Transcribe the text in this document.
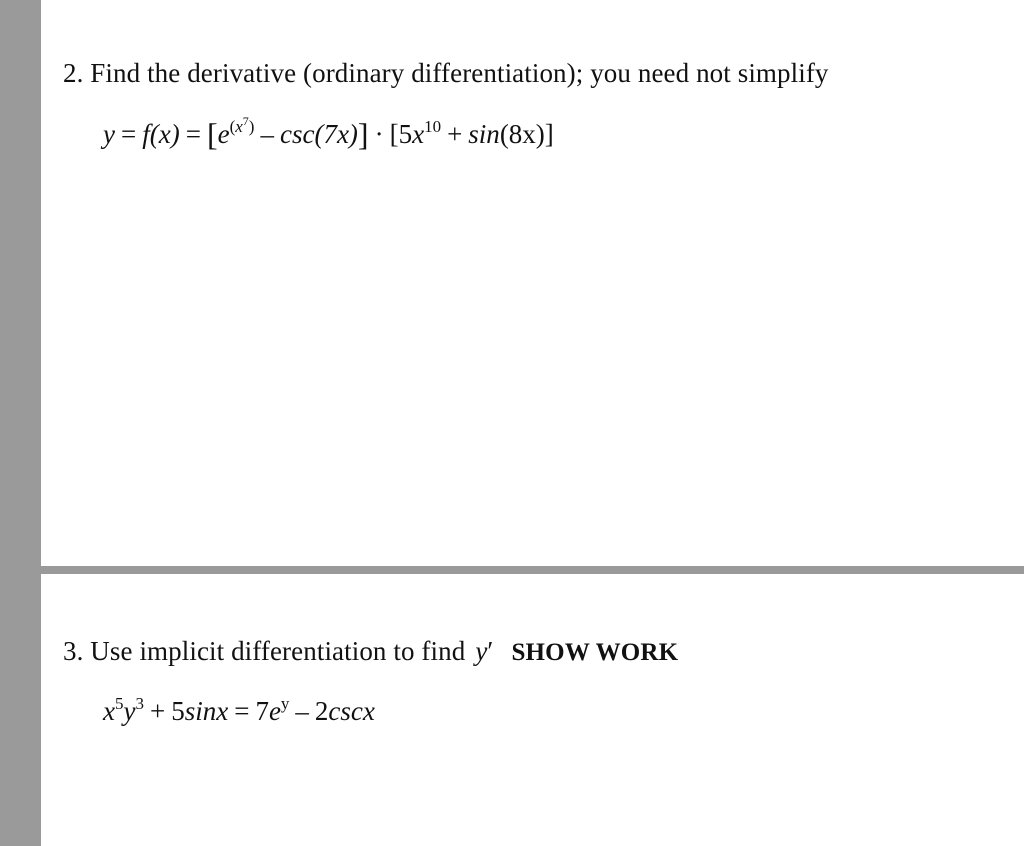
2. Find the derivative (ordinary differentiation); you need not simplify
$y = f(x) = [e^{(x^7)} - \csc(7x)] \cdot [5x^{10} + \sin(8x)]$
3. Use implicit differentiation to find y′ SHOW WORK
$x^5y^3 + 5\sin x = 7e^y - 2\csc x$
